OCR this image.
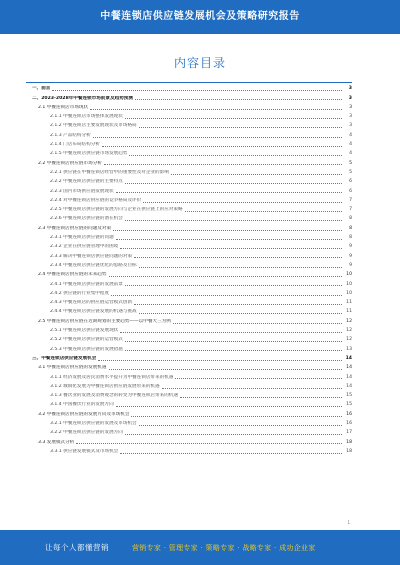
中餐连锁店供应链发展机会及策略研究报告
内容目录
一、前言	3
二、2023-2028年中餐连锁市场前景及趋势预测	3
2.1 中餐连锁店市场现状	3
2.1.1 中餐连锁店市场整体发展现状	3
2.1.2 中餐连锁店主要发展现状及市场格局	3
2.1.3 产品结构分析	4
2.1.4 门店布局结构分析	4
2.1.5 中餐连锁店供应链市场发展趋势	4
2.2 中餐连锁店供应链市场分析	5
2.2.1 供应链在中餐连锁店经营中的重要性及对企业的影响	5
2.2.2 中餐连锁店供应链的主要特点	6
2.2.3 国内市场供应链发展现状	6
2.2.4 对中餐连锁店供应链的竞争格局及评价	7
2.2.5 中餐连锁店供应链的发展方向与企业在供应链上的应对策略	7
2.2.6 中餐连锁店供应链的潜在机会	8
2.3 中餐连锁店供应链的问题及对策	8
2.3.1 中餐连锁店供应链的问题	8
2.3.2 企业在供应链管理中的困境	9
2.3.3 解决中餐连锁店供应链问题的对策	9
2.3.4 中餐连锁店供应链优化的思路及目标	9
2.4 中餐连锁店供应链的未来趋势	10
2.4.1 中餐连锁店供应链的发展前景	10
2.4.2 供应链的行业集中程度	10
2.4.3 中餐连锁店的供应链运营模式创新	11
2.4.4 中餐连锁店供应链发展的机遇与挑战	11
2.5 中餐连锁店供应链在近期规划的主要趋势——以中餐大三为例	12
2.5.1 中餐连锁店供应链发展现状	12
2.5.2 中餐连锁店供应链的运营模式	12
2.5.3 中餐连锁店供应链的发展措施	13
三、中餐连锁店供应链发展机会	14
3.1 中餐连锁店供应链的发展机遇	14
3.1.1 经济发展及居民消费水平提升为中餐连锁店带来的机遇	14
3.1.2 城镇化发展为中餐连锁店供应链发展带来的机遇	14
3.1.3 餐饮业的发展及消费观念的转变为中餐连锁店带来的机遇	15
3.1.4 中国餐饮行业的发展方向	15
3.2 中餐连锁店供应链的发展方向及市场机会	16
3.2.1 中餐连锁店供应链的发展及市场机会	16
3.2.2 中餐连锁店供应链的发展方向	17
3.3 发展模式分析	18
3.3.1 供应链发展模式及市场机会	18
1
让每个人都懂营销	营销专家 · 管理专家 · 策略专家 · 战略专家 · 成功企业家
